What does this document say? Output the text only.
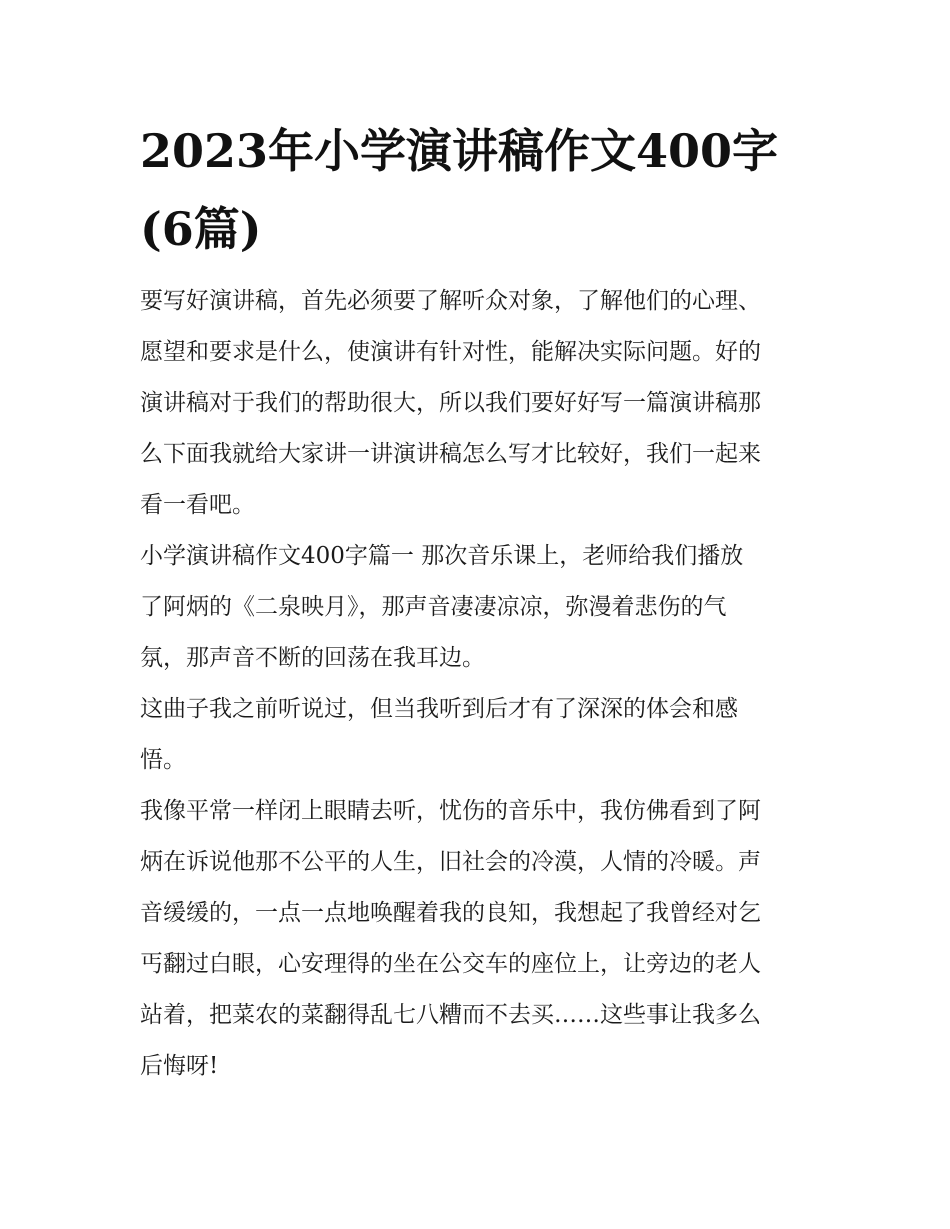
2023年小学演讲稿作文400字
(6篇)

要写好演讲稿，首先必须要了解听众对象，了解他们的心理、
愿望和要求是什么，使演讲有针对性，能解决实际问题。好的
演讲稿对于我们的帮助很大，所以我们要好好写一篇演讲稿那
么下面我就给大家讲一讲演讲稿怎么写才比较好，我们一起来
看一看吧。

小学演讲稿作文400字篇一 那次音乐课上，老师给我们播放
了阿炳的《二泉映月》，那声音凄凄凉凉，弥漫着悲伤的气
氛，那声音不断的回荡在我耳边。

这曲子我之前听说过，但当我听到后才有了深深的体会和感
悟。

我像平常一样闭上眼睛去听，忧伤的音乐中，我仿佛看到了阿
炳在诉说他那不公平的人生，旧社会的冷漠，人情的冷暖。声
音缓缓的，一点一点地唤醒着我的良知，我想起了我曾经对乞
丐翻过白眼，心安理得的坐在公交车的座位上，让旁边的老人
站着，把菜农的菜翻得乱七八糟而不去买……这些事让我多么
后悔呀!
